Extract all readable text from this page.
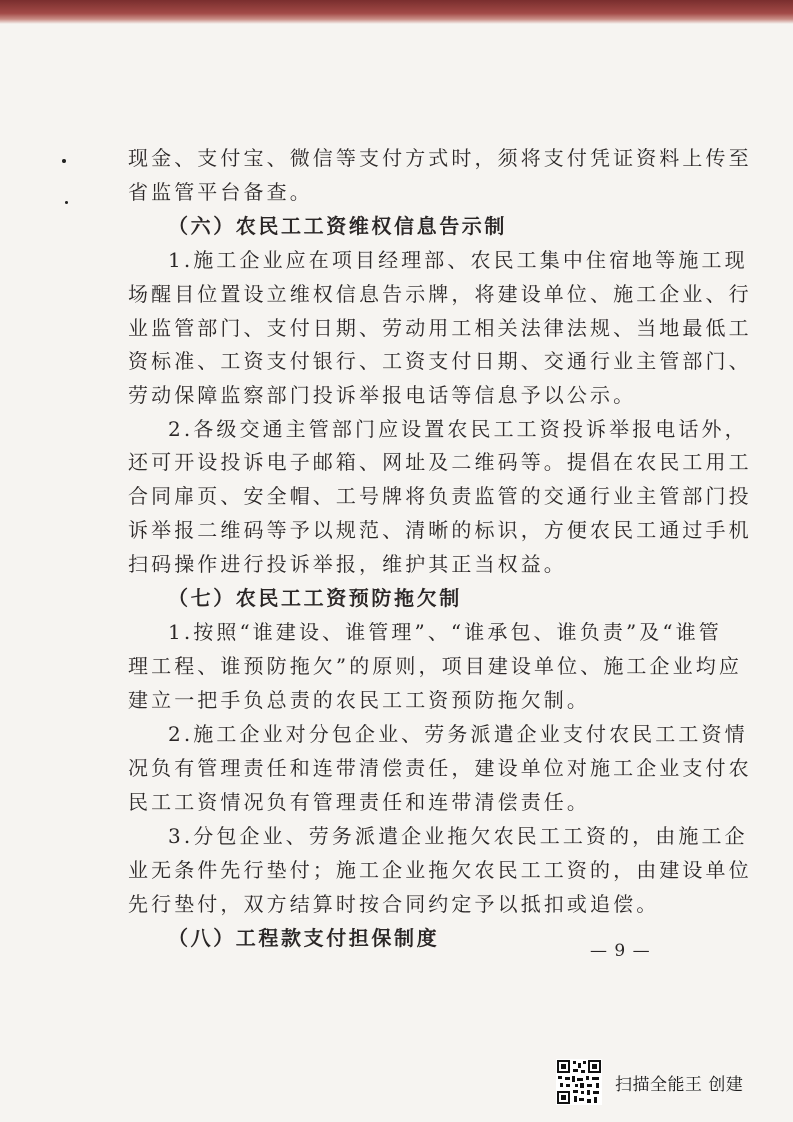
现金、支付宝、微信等支付方式时，须将支付凭证资料上传至
省监管平台备查。
（六）农民工工资维权信息告示制
1.施工企业应在项目经理部、农民工集中住宿地等施工现
场醒目位置设立维权信息告示牌，将建设单位、施工企业、行
业监管部门、支付日期、劳动用工相关法律法规、当地最低工
资标准、工资支付银行、工资支付日期、交通行业主管部门、
劳动保障监察部门投诉举报电话等信息予以公示。
2.各级交通主管部门应设置农民工工资投诉举报电话外，
还可开设投诉电子邮箱、网址及二维码等。提倡在农民工用工
合同扉页、安全帽、工号牌将负责监管的交通行业主管部门投
诉举报二维码等予以规范、清晰的标识，方便农民工通过手机
扫码操作进行投诉举报，维护其正当权益。
（七）农民工工资预防拖欠制
1.按照“谁建设、谁管理”、“谁承包、谁负责”及“谁管
理工程、谁预防拖欠”的原则，项目建设单位、施工企业均应
建立一把手负总责的农民工工资预防拖欠制。
2.施工企业对分包企业、劳务派遣企业支付农民工工资情
况负有管理责任和连带清偿责任，建设单位对施工企业支付农
民工工资情况负有管理责任和连带清偿责任。
3.分包企业、劳务派遣企业拖欠农民工工资的，由施工企
业无条件先行垫付；施工企业拖欠农民工工资的，由建设单位
先行垫付，双方结算时按合同约定予以抵扣或追偿。
（八）工程款支付担保制度
— 9 —
扫描全能王 创建
